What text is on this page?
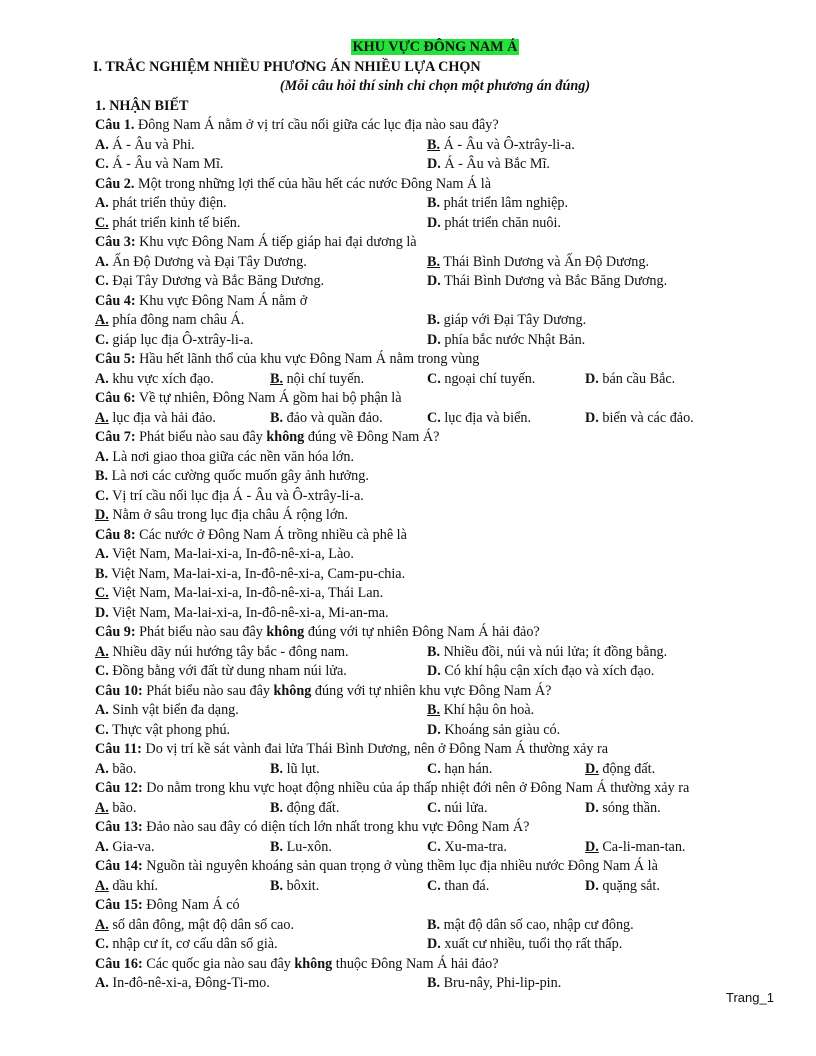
KHU VỰC ĐÔNG NAM Á
I. TRẮC NGHIỆM NHIỀU PHƯƠNG ÁN NHIỀU LỰA CHỌN
(Mỗi câu hỏi thí sinh chỉ chọn một phương án đúng)
1. NHẬN BIẾT
Câu 1. Đông Nam Á nằm ở vị trí cầu nối giữa các lục địa nào sau đây?
A. Á - Âu và Phi.	B. Á - Âu và Ô-xtrây-li-a.
C. Á - Âu và Nam Mĩ.	D. Á - Âu và Bắc Mĩ.
Câu 2. Một trong những lợi thế của hầu hết các nước Đông Nam Á là
A. phát triển thủy điện.	B. phát triển lâm nghiệp.
C. phát triển kinh tế biển.	D. phát triển chăn nuôi.
Câu 3: Khu vực Đông Nam Á tiếp giáp hai đại dương là
A. Ấn Độ Dương và Đại Tây Dương.	B. Thái Bình Dương và Ấn Độ Dương.
C. Đại Tây Dương và Bắc Băng Dương.	D. Thái Bình Dương và Bắc Băng Dương.
Câu 4: Khu vực Đông Nam Á nằm ở
A. phía đông nam châu Á.	B. giáp với Đại Tây Dương.
C. giáp lục địa Ô-xtrây-li-a.	D. phía bắc nước Nhật Bản.
Câu 5: Hầu hết lãnh thổ của khu vực Đông Nam Á nằm trong vùng
A. khu vực xích đạo.	B. nội chí tuyến.	C. ngoại chí tuyến.	D. bán cầu Bắc.
Câu 6: Về tự nhiên, Đông Nam Á gồm hai bộ phận là
A. lục địa và hải đảo.	B. đảo và quần đảo.	C. lục địa và biển.	D. biển và các đảo.
Câu 7: Phát biểu nào sau đây không đúng về Đông Nam Á?
A. Là nơi giao thoa giữa các nền văn hóa lớn.
B. Là nơi các cường quốc muốn gây ảnh hưởng.
C. Vị trí cầu nối lục địa Á - Âu và Ô-xtrây-li-a.
D. Nằm ở sâu trong lục địa châu Á rộng lớn.
Câu 8: Các nước ở Đông Nam Á trồng nhiều cà phê là
A. Việt Nam, Ma-lai-xi-a, In-đô-nê-xi-a, Lào.
B. Việt Nam, Ma-lai-xi-a, In-đô-nê-xi-a, Cam-pu-chia.
C. Việt Nam, Ma-lai-xi-a, In-đô-nê-xi-a, Thái Lan.
D. Việt Nam, Ma-lai-xi-a, In-đô-nê-xi-a, Mi-an-ma.
Câu 9: Phát biểu nào sau đây không đúng với tự nhiên Đông Nam Á hải đảo?
A. Nhiều dãy núi hướng tây bắc - đông nam.	B. Nhiều đồi, núi và núi lửa; ít đồng bằng.
C. Đồng bằng với đất từ dung nham núi lửa.	D. Có khí hậu cận xích đạo và xích đạo.
Câu 10: Phát biểu nào sau đây không đúng với tự nhiên khu vực Đông Nam Á?
A. Sinh vật biển đa dạng.	B. Khí hậu ôn hoà.
C. Thực vật phong phú.	D. Khoáng sản giàu có.
Câu 11: Do vị trí kề sát vành đai lửa Thái Bình Dương, nên ở Đông Nam Á thường xảy ra
A. bão.	B. lũ lụt.	C. hạn hán.	D. động đất.
Câu 12: Do nằm trong khu vực hoạt động nhiều của áp thấp nhiệt đới nên ở Đông Nam Á thường xảy ra
A. bão.	B. động đất.	C. núi lửa.	D. sóng thần.
Câu 13: Đảo nào sau đây có diện tích lớn nhất trong khu vực Đông Nam Á?
A. Gia-va.	B. Lu-xôn.	C. Xu-ma-tra.	D. Ca-li-man-tan.
Câu 14: Nguồn tài nguyên khoáng sản quan trọng ở vùng thềm lục địa nhiều nước Đông Nam Á là
A. dầu khí.	B. bôxit.	C. than đá.	D. quặng sắt.
Câu 15: Đông Nam Á có
A. số dân đông, mật độ dân số cao.	B. mật độ dân số cao, nhập cư đông.
C. nhập cư ít, cơ cấu dân số già.	D. xuất cư nhiều, tuổi thọ rất thấp.
Câu 16: Các quốc gia nào sau đây không thuộc Đông Nam Á hải đảo?
A. In-đô-nê-xi-a, Đông-Ti-mo.	B. Bru-nây, Phi-lip-pin.
Trang_1
